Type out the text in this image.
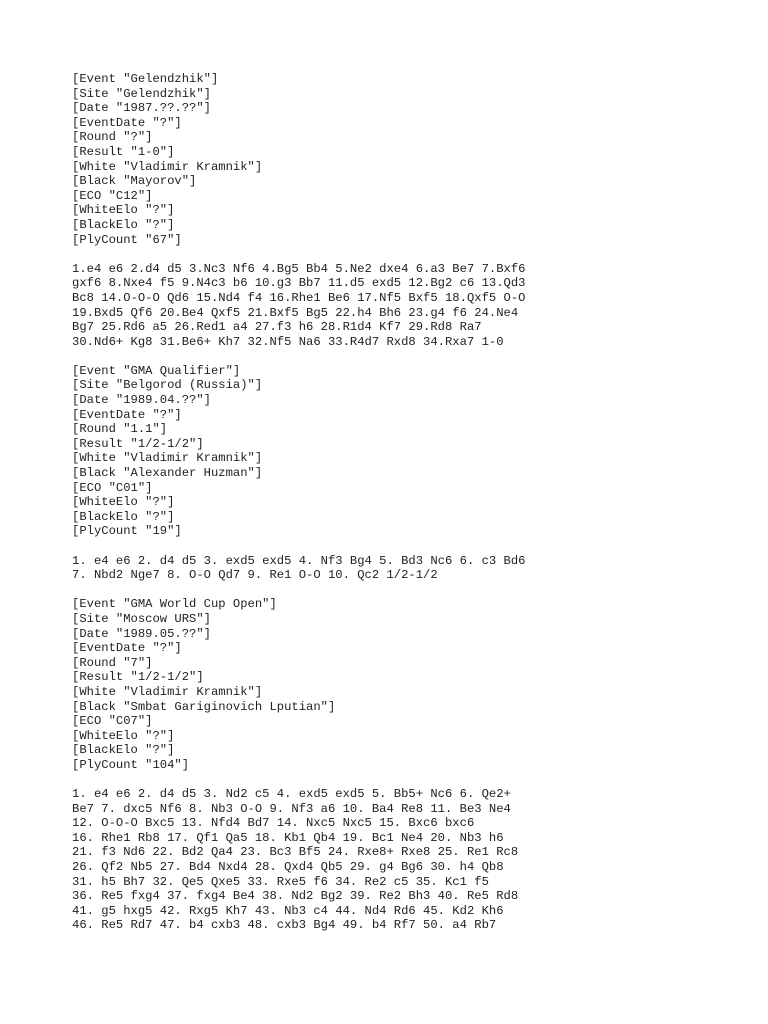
[Event "Gelendzhik"]
[Site "Gelendzhik"]
[Date "1987.??.??"]
[EventDate "?"]
[Round "?"]
[Result "1-0"]
[White "Vladimir Kramnik"]
[Black "Mayorov"]
[ECO "C12"]
[WhiteElo "?"]
[BlackElo "?"]
[PlyCount "67"]
1.e4 e6 2.d4 d5 3.Nc3 Nf6 4.Bg5 Bb4 5.Ne2 dxe4 6.a3 Be7 7.Bxf6
gxf6 8.Nxe4 f5 9.N4c3 b6 10.g3 Bb7 11.d5 exd5 12.Bg2 c6 13.Qd3
Bc8 14.O-O-O Qd6 15.Nd4 f4 16.Rhe1 Be6 17.Nf5 Bxf5 18.Qxf5 O-O
19.Bxd5 Qf6 20.Be4 Qxf5 21.Bxf5 Bg5 22.h4 Bh6 23.g4 f6 24.Ne4
Bg7 25.Rd6 a5 26.Red1 a4 27.f3 h6 28.R1d4 Kf7 29.Rd8 Ra7
30.Nd6+ Kg8 31.Be6+ Kh7 32.Nf5 Na6 33.R4d7 Rxd8 34.Rxa7 1-0
[Event "GMA Qualifier"]
[Site "Belgorod (Russia)"]
[Date "1989.04.??"]
[EventDate "?"]
[Round "1.1"]
[Result "1/2-1/2"]
[White "Vladimir Kramnik"]
[Black "Alexander Huzman"]
[ECO "C01"]
[WhiteElo "?"]
[BlackElo "?"]
[PlyCount "19"]
1. e4 e6 2. d4 d5 3. exd5 exd5 4. Nf3 Bg4 5. Bd3 Nc6 6. c3 Bd6
7. Nbd2 Nge7 8. O-O Qd7 9. Re1 O-O 10. Qc2 1/2-1/2
[Event "GMA World Cup Open"]
[Site "Moscow URS"]
[Date "1989.05.??"]
[EventDate "?"]
[Round "7"]
[Result "1/2-1/2"]
[White "Vladimir Kramnik"]
[Black "Smbat Gariginovich Lputian"]
[ECO "C07"]
[WhiteElo "?"]
[BlackElo "?"]
[PlyCount "104"]
1. e4 e6 2. d4 d5 3. Nd2 c5 4. exd5 exd5 5. Bb5+ Nc6 6. Qe2+
Be7 7. dxc5 Nf6 8. Nb3 O-O 9. Nf3 a6 10. Ba4 Re8 11. Be3 Ne4
12. O-O-O Bxc5 13. Nfd4 Bd7 14. Nxc5 Nxc5 15. Bxc6 bxc6
16. Rhe1 Rb8 17. Qf1 Qa5 18. Kb1 Qb4 19. Bc1 Ne4 20. Nb3 h6
21. f3 Nd6 22. Bd2 Qa4 23. Bc3 Bf5 24. Rxe8+ Rxe8 25. Re1 Rc8
26. Qf2 Nb5 27. Bd4 Nxd4 28. Qxd4 Qb5 29. g4 Bg6 30. h4 Qb8
31. h5 Bh7 32. Qe5 Qxe5 33. Rxe5 f6 34. Re2 c5 35. Kc1 f5
36. Re5 fxg4 37. fxg4 Be4 38. Nd2 Bg2 39. Re2 Bh3 40. Re5 Rd8
41. g5 hxg5 42. Rxg5 Kh7 43. Nb3 c4 44. Nd4 Rd6 45. Kd2 Kh6
46. Re5 Rd7 47. b4 cxb3 48. cxb3 Bg4 49. b4 Rf7 50. a4 Rb7
